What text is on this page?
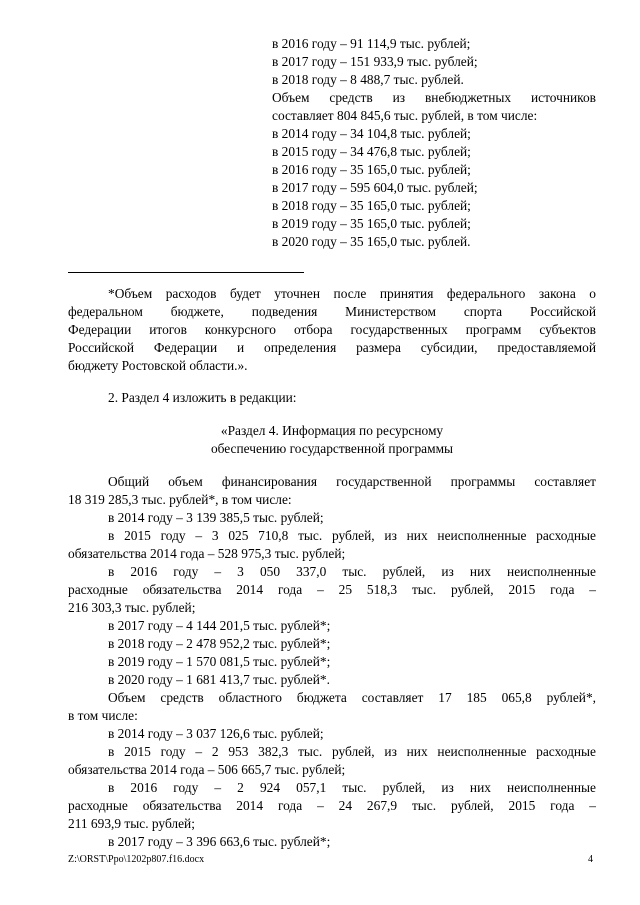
в 2016 году – 91 114,9 тыс. рублей;
в 2017 году – 151 933,9 тыс. рублей;
в 2018 году – 8 488,7 тыс. рублей.
Объем средств из внебюджетных источников
составляет 804 845,6 тыс. рублей, в том числе:
в 2014 году – 34 104,8 тыс. рублей;
в 2015 году – 34 476,8 тыс. рублей;
в 2016 году – 35 165,0 тыс. рублей;
в 2017 году – 595 604,0 тыс. рублей;
в 2018 году – 35 165,0 тыс. рублей;
в 2019 году – 35 165,0 тыс. рублей;
в 2020 году – 35 165,0 тыс. рублей.
*Объем расходов будет уточнен после принятия федерального закона о
федеральном бюджете, подведения Министерством спорта Российской
Федерации итогов конкурсного отбора государственных программ субъектов
Российской Федерации и определения размера субсидии, предоставляемой
бюджету Ростовской области.».
2. Раздел 4 изложить в редакции:
«Раздел 4. Информация по ресурсному
обеспечению государственной программы
Общий объем финансирования государственной программы составляет
18 319 285,3 тыс. рублей*, в том числе:
в 2014 году – 3 139 385,5 тыс. рублей;
в 2015 году – 3 025 710,8 тыс. рублей, из них неисполненные расходные
обязательства 2014 года – 528 975,3 тыс. рублей;
в 2016 году – 3 050 337,0 тыс. рублей, из них неисполненные
расходные обязательства 2014 года – 25 518,3 тыс. рублей, 2015 года –
216 303,3 тыс. рублей;
в 2017 году – 4 144 201,5 тыс. рублей*;
в 2018 году – 2 478 952,2 тыс. рублей*;
в 2019 году – 1 570 081,5 тыс. рублей*;
в 2020 году – 1 681 413,7 тыс. рублей*.
Объем средств областного бюджета составляет 17 185 065,8 рублей*,
в том числе:
в 2014 году – 3 037 126,6 тыс. рублей;
в 2015 году – 2 953 382,3 тыс. рублей, из них неисполненные расходные
обязательства 2014 года – 506 665,7 тыс. рублей;
в 2016 году – 2 924 057,1 тыс. рублей, из них неисполненные
расходные обязательства 2014 года – 24 267,9 тыс. рублей, 2015 года –
211 693,9 тыс. рублей;
в 2017 году – 3 396 663,6 тыс. рублей*;
Z:\ORST\Ppo\1202p807.f16.docx	4
